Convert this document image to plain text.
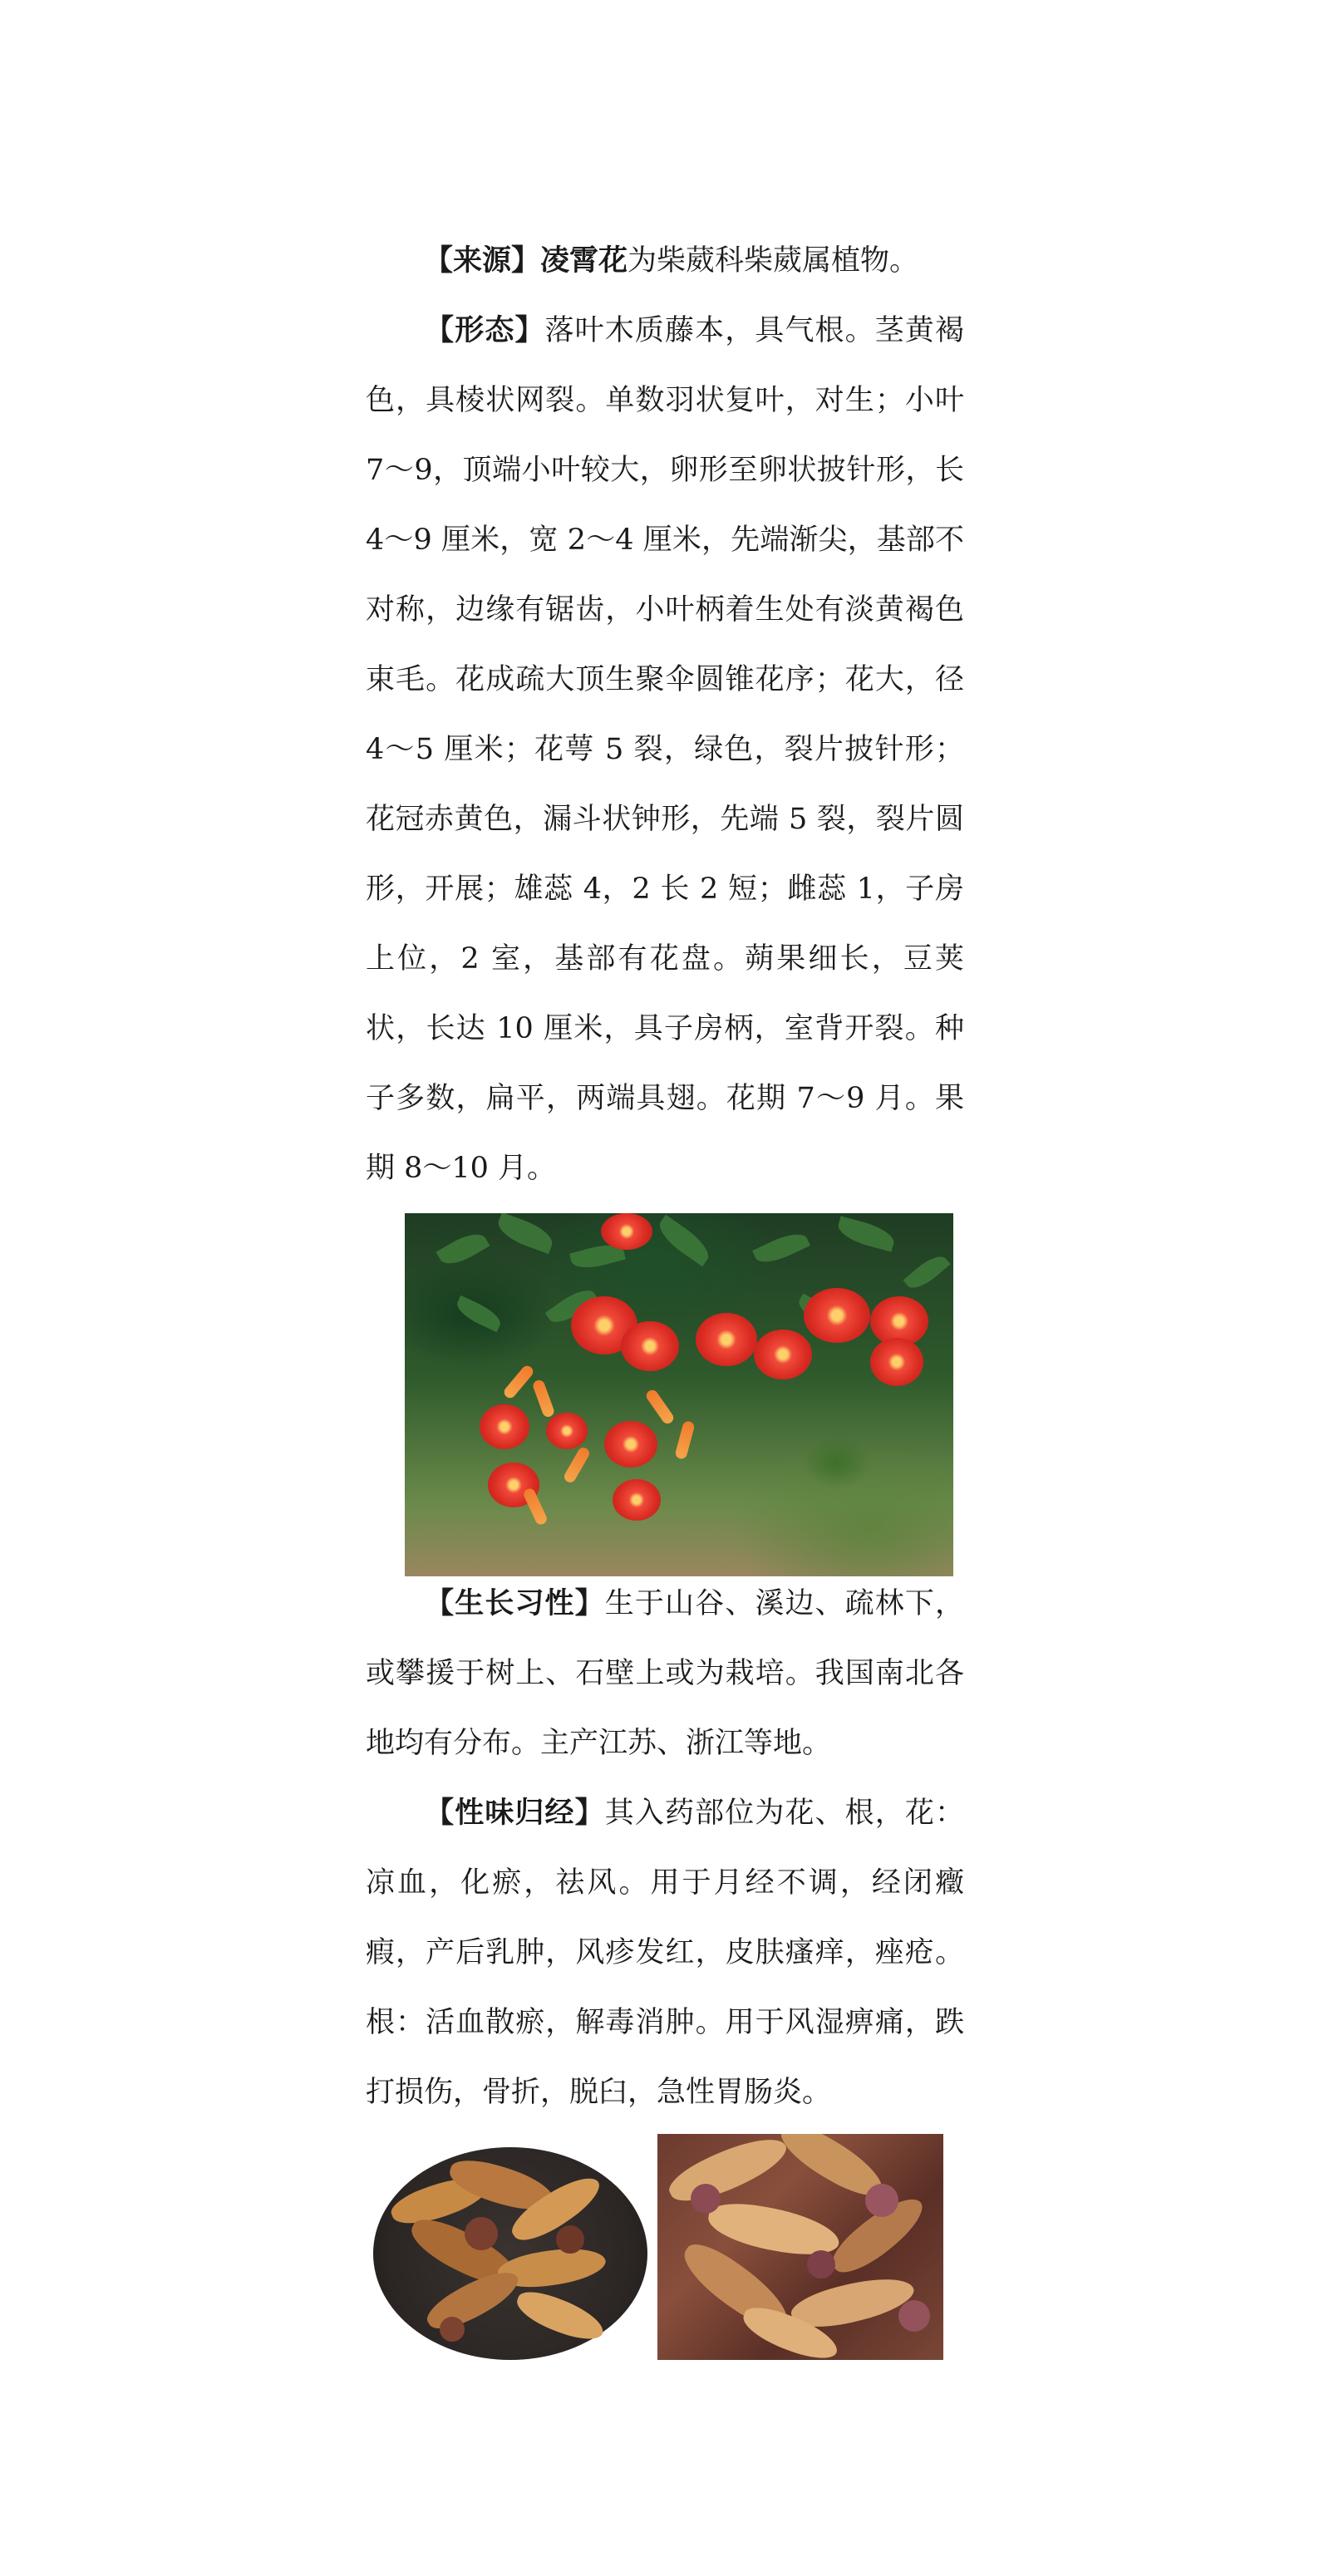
【来源】凌霄花为柴葳科柴葳属植物。

【形态】落叶木质藤本，具气根。茎黄褐色，具棱状网裂。单数羽状复叶，对生；小叶 7～9，顶端小叶较大，卵形至卵状披针形，长 4～9 厘米，宽 2～4 厘米，先端渐尖，基部不对称，边缘有锯齿，小叶柄着生处有淡黄褐色束毛。花成疏大顶生聚伞圆锥花序；花大，径 4～5 厘米；花萼 5 裂，绿色，裂片披针形；花冠赤黄色，漏斗状钟形，先端 5 裂，裂片圆形，开展；雄蕊 4，2 长 2 短；雌蕊 1，子房上位，2 室，基部有花盘。蒴果细长，豆荚状，长达 10 厘米，具子房柄，室背开裂。种子多数，扁平，两端具翅。花期 7～9 月。果期 8～10 月。

【生长习性】生于山谷、溪边、疏林下，或攀援于树上、石壁上或为栽培。我国南北各地均有分布。主产江苏、浙江等地。

【性味归经】其入药部位为花、根，花：凉血，化瘀，祛风。用于月经不调，经闭癥瘕，产后乳肿，风疹发红，皮肤瘙痒，痤疮。根：活血散瘀，解毒消肿。用于风湿痹痛，跌打损伤，骨折，脱臼，急性胃肠炎。
